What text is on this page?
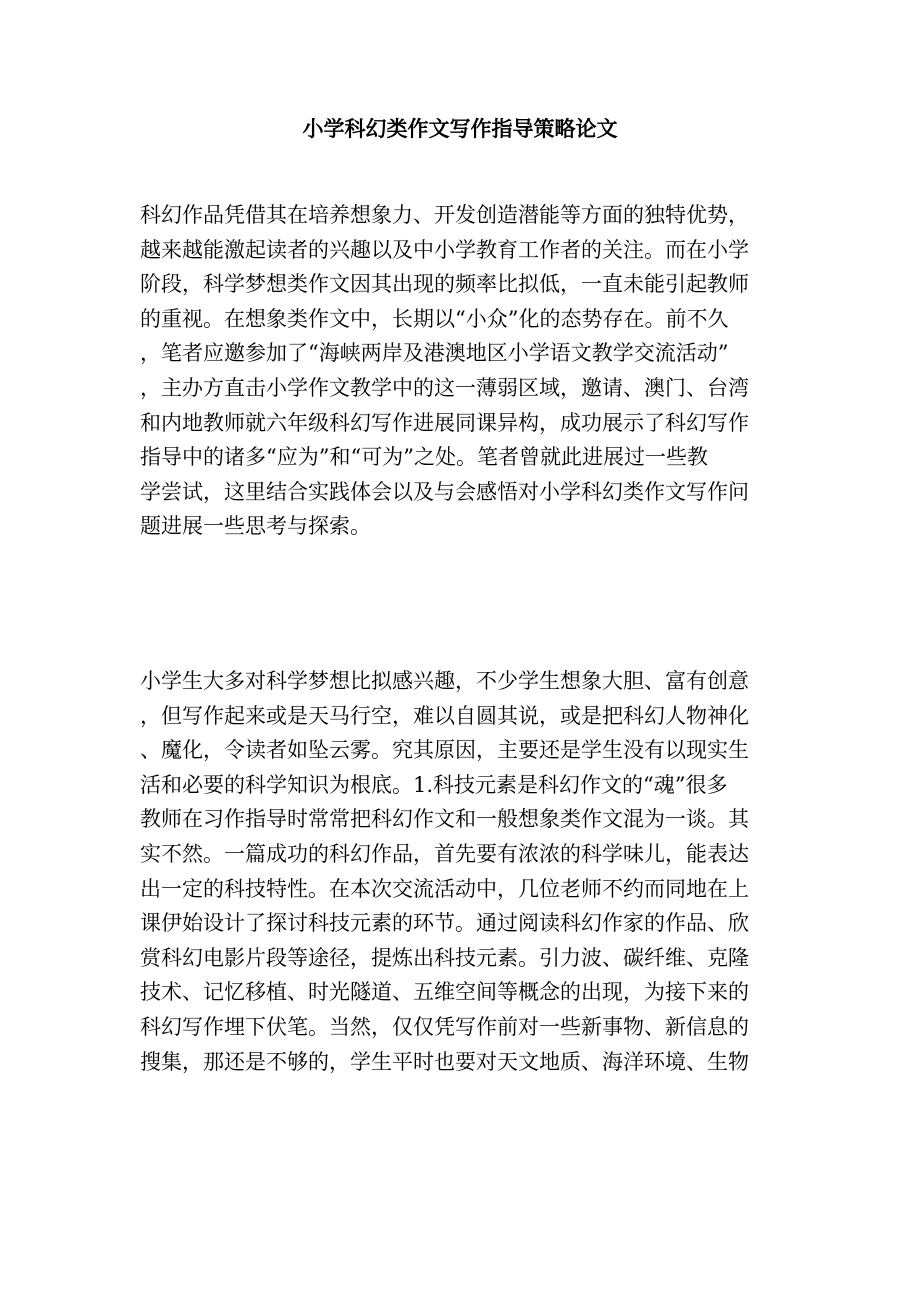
小学科幻类作文写作指导策略论文
科幻作品凭借其在培养想象力、开发创造潜能等方面的独特优势，
越来越能激起读者的兴趣以及中小学教育工作者的关注。而在小学
阶段，科学梦想类作文因其出现的频率比拟低，一直未能引起教师
的重视。在想象类作文中，长期以“小众”化的态势存在。前不久
，笔者应邀参加了“海峡两岸及港澳地区小学语文教学交流活动”
，主办方直击小学作文教学中的这一薄弱区域，邀请、澳门、台湾
和内地教师就六年级科幻写作进展同课异构，成功展示了科幻写作
指导中的诸多“应为”和“可为”之处。笔者曾就此进展过一些教
学尝试，这里结合实践体会以及与会感悟对小学科幻类作文写作问
题进展一些思考与探索。
小学生大多对科学梦想比拟感兴趣，不少学生想象大胆、富有创意
，但写作起来或是天马行空，难以自圆其说，或是把科幻人物神化
、魔化，令读者如坠云雾。究其原因，主要还是学生没有以现实生
活和必要的科学知识为根底。1.科技元素是科幻作文的“魂”很多
教师在习作指导时常常把科幻作文和一般想象类作文混为一谈。其
实不然。一篇成功的科幻作品，首先要有浓浓的科学味儿，能表达
出一定的科技特性。在本次交流活动中，几位老师不约而同地在上
课伊始设计了探讨科技元素的环节。通过阅读科幻作家的作品、欣
赏科幻电影片段等途径，提炼出科技元素。引力波、碳纤维、克隆
技术、记忆移植、时光隧道、五维空间等概念的出现，为接下来的
科幻写作埋下伏笔。当然，仅仅凭写作前对一些新事物、新信息的
搜集，那还是不够的，学生平时也要对天文地质、海洋环境、生物
